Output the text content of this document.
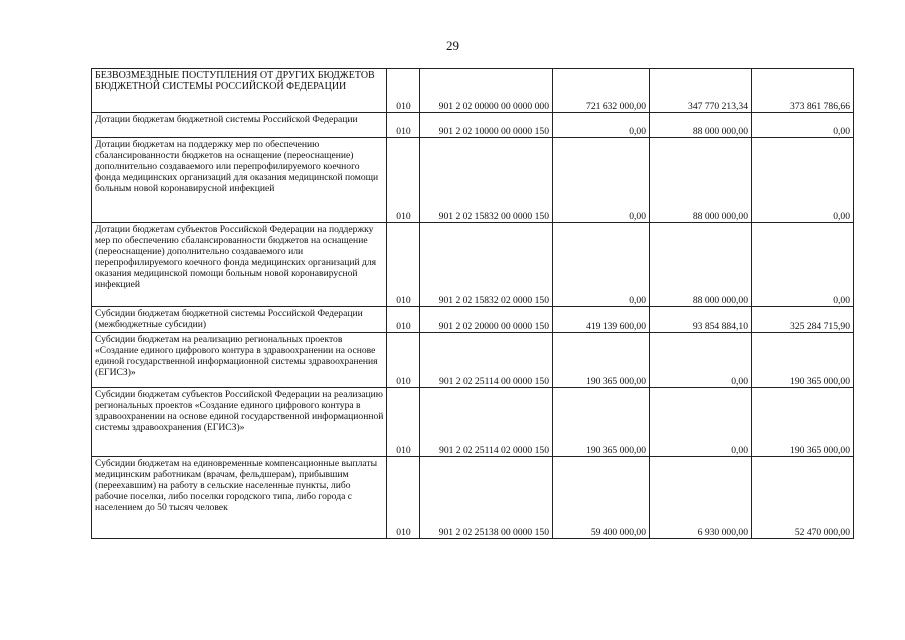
29
БЕЗВОЗМЕЗДНЫЕ ПОСТУПЛЕНИЯ ОТ ДРУГИХ БЮДЖЕТОВ БЮДЖЕТНОЙ СИСТЕМЫ РОССИЙСКОЙ ФЕДЕРАЦИИ	010	901 2 02 00000 00 0000 000	721 632 000,00	347 770 213,34	373 861 786,66
Дотации бюджетам бюджетной системы Российской Федерации	010	901 2 02 10000 00 0000 150	0,00	88 000 000,00	0,00
Дотации бюджетам на поддержку мер по обеспечению сбалансированности бюджетов на оснащение (переоснащение) дополнительно создаваемого или перепрофилируемого коечного фонда медицинских организаций для оказания медицинской помощи больным новой коронавирусной инфекцией	010	901 2 02 15832 00 0000 150	0,00	88 000 000,00	0,00
Дотации бюджетам субъектов Российской Федерации на поддержку мер по обеспечению сбалансированности бюджетов на оснащение (переоснащение) дополнительно создаваемого или перепрофилируемого коечного фонда медицинских организаций для оказания медицинской помощи больным новой коронавирусной инфекцией	010	901 2 02 15832 02 0000 150	0,00	88 000 000,00	0,00
Субсидии бюджетам бюджетной системы Российской Федерации (межбюджетные субсидии)	010	901 2 02 20000 00 0000 150	419 139 600,00	93 854 884,10	325 284 715,90
Субсидии бюджетам на реализацию региональных проектов «Создание единого цифрового контура в здравоохранении на основе единой государственной информационной системы здравоохранения (ЕГИСЗ)»	010	901 2 02 25114 00 0000 150	190 365 000,00	0,00	190 365 000,00
Субсидии бюджетам субъектов Российской Федерации на реализацию региональных проектов «Создание единого цифрового контура в здравоохранении на основе единой государственной информационной системы здравоохранения (ЕГИСЗ)»	010	901 2 02 25114 02 0000 150	190 365 000,00	0,00	190 365 000,00
Субсидии бюджетам на единовременные компенсационные выплаты медицинским работникам (врачам, фельдшерам), прибывшим (переехавшим) на работу в сельские населенные пункты, либо рабочие поселки, либо поселки городского типа, либо города с населением до 50 тысяч человек	010	901 2 02 25138 00 0000 150	59 400 000,00	6 930 000,00	52 470 000,00
